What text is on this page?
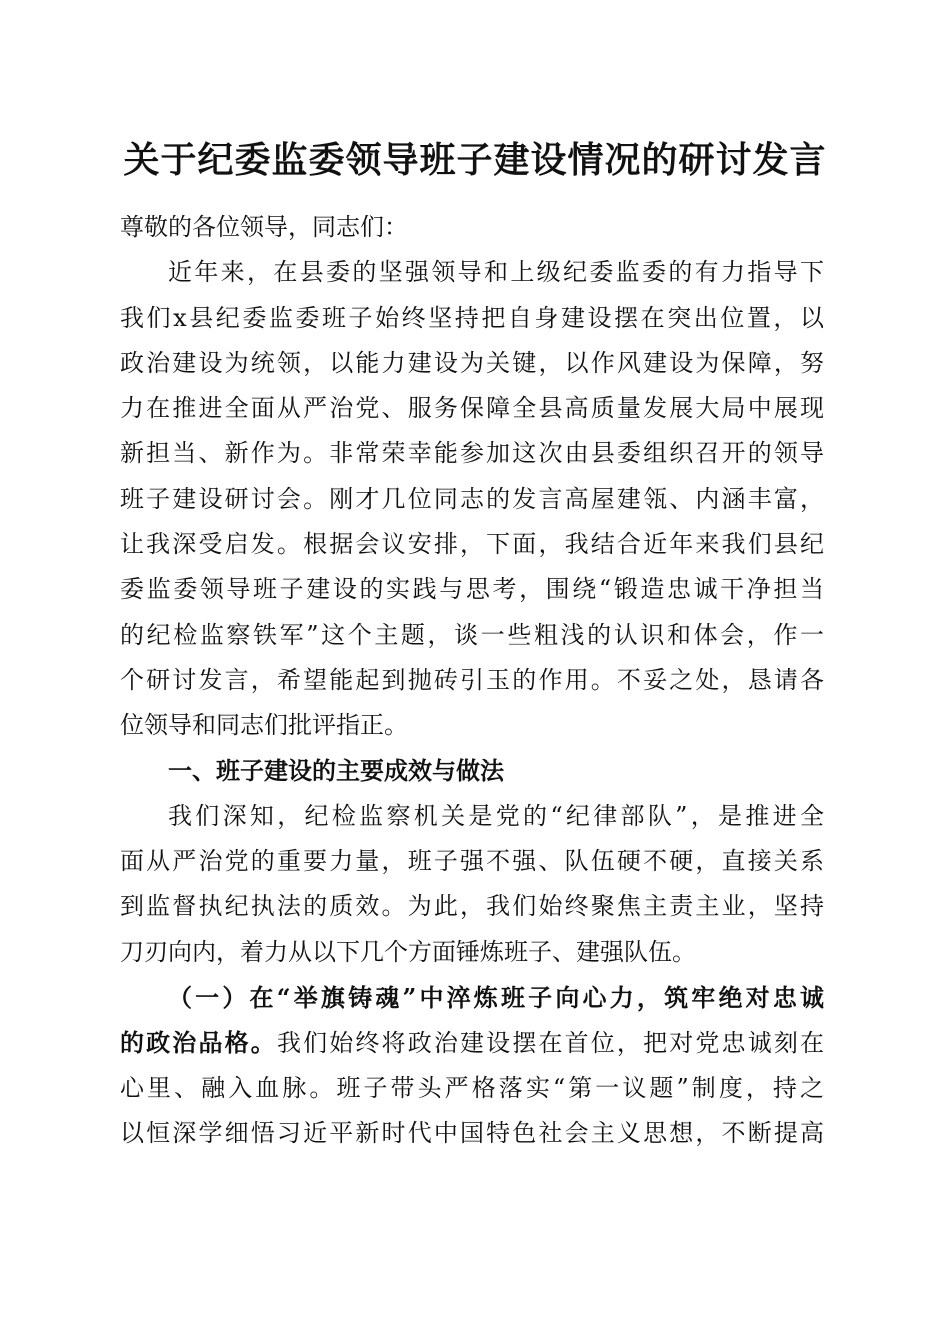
关于纪委监委领导班子建设情况的研讨发言
尊敬的各位领导，同志们：
近年来，在县委的坚强领导和上级纪委监委的有力指导下
我们x县纪委监委班子始终坚持把自身建设摆在突出位置，以
政治建设为统领，以能力建设为关键，以作风建设为保障，努
力在推进全面从严治党、服务保障全县高质量发展大局中展现
新担当、新作为。非常荣幸能参加这次由县委组织召开的领导
班子建设研讨会。刚才几位同志的发言高屋建瓴、内涵丰富，
让我深受启发。根据会议安排，下面，我结合近年来我们县纪
委监委领导班子建设的实践与思考，围绕“锻造忠诚干净担当
的纪检监察铁军”这个主题，谈一些粗浅的认识和体会，作一
个研讨发言，希望能起到抛砖引玉的作用。不妥之处，恳请各
位领导和同志们批评指正。
一、班子建设的主要成效与做法
我们深知，纪检监察机关是党的“纪律部队”，是推进全
面从严治党的重要力量，班子强不强、队伍硬不硬，直接关系
到监督执纪执法的质效。为此，我们始终聚焦主责主业，坚持
刀刃向内，着力从以下几个方面锤炼班子、建强队伍。
（一）在“举旗铸魂”中淬炼班子向心力，筑牢绝对忠诚
的政治品格。我们始终将政治建设摆在首位，把对党忠诚刻在
心里、融入血脉。班子带头严格落实“第一议题”制度，持之
以恒深学细悟习近平新时代中国特色社会主义思想，不断提高
